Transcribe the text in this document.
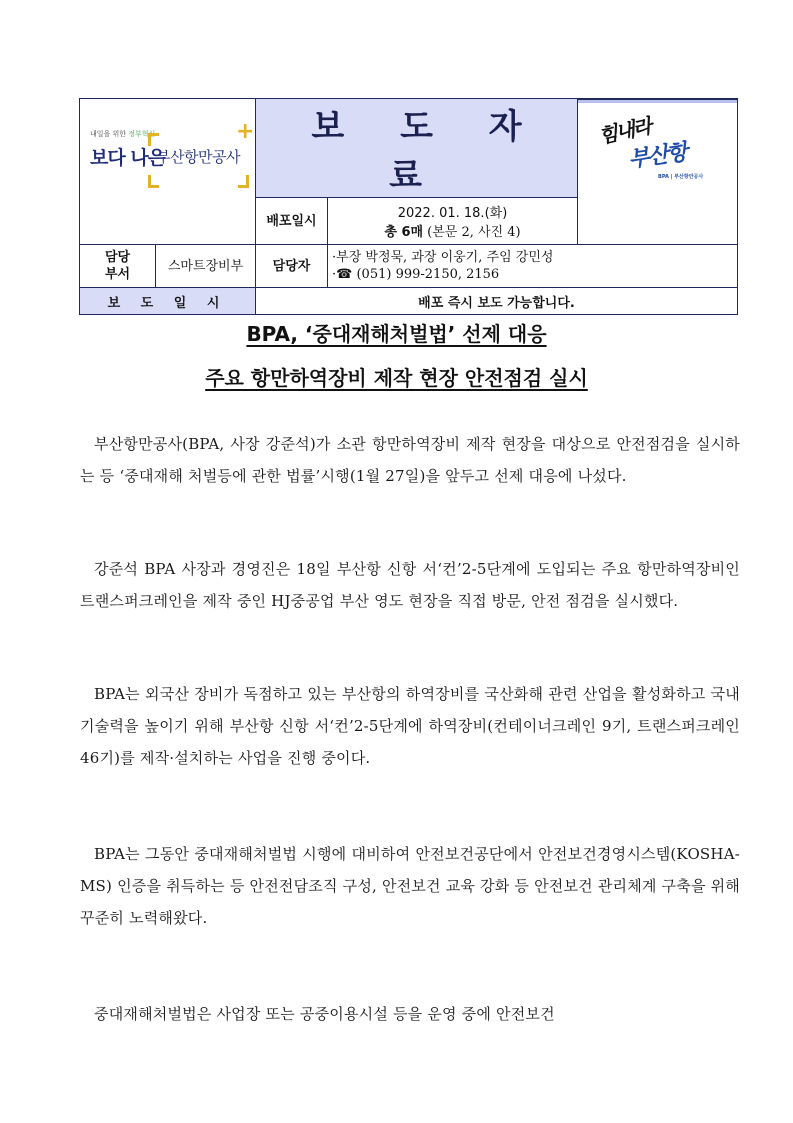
내일을 위한 정부혁신
보다 나은
+
부산항만공사
	보 도 자 료	
힘내라
부산항
BPA | 부산항만공사

		배포일시	2022. 01. 18.(화)
총 6매 (본문 2, 사진 4)	

담당
부서
	스마트장비부	담당자	
·부장 박정묵, 과장 이웅기, 주임 강민성
·☎ (051) 999-2150, 2156

보 도 일 시		배포 즉시 보도 가능합니다.		
BPA, ‘중대재해처벌법’ 선제 대응
주요 항만하역장비 제작 현장 안전점검 실시
부산항만공사(BPA, 사장 강준석)가 소관 항만하역장비 제작 현장을 대상으로 안전점검을 실시하는 등 ‘중대재해 처벌등에 관한 법률’시행(1월 27일)을 앞두고 선제 대응에 나섰다.
강준석 BPA 사장과 경영진은 18일 부산항 신항 서‘컨’2-5단계에 도입되는 주요 항만하역장비인 트랜스퍼크레인을 제작 중인 HJ중공업 부산 영도 현장을 직접 방문, 안전 점검을 실시했다.
BPA는 외국산 장비가 독점하고 있는 부산항의 하역장비를 국산화해 관련 산업을 활성화하고 국내 기술력을 높이기 위해 부산항 신항 서‘컨’2-5단계에 하역장비(컨테이너크레인 9기, 트랜스퍼크레인 46기)를 제작·설치하는 사업을 진행 중이다.
BPA는 그동안 중대재해처벌법 시행에 대비하여 안전보건공단에서 안전보건경영시스템(KOSHA-MS) 인증을 취득하는 등 안전전담조직 구성, 안전보건 교육 강화 등 안전보건 관리체계 구축을 위해 꾸준히 노력해왔다.
중대재해처벌법은 사업장 또는 공중이용시설 등을 운영 중에 안전보건
